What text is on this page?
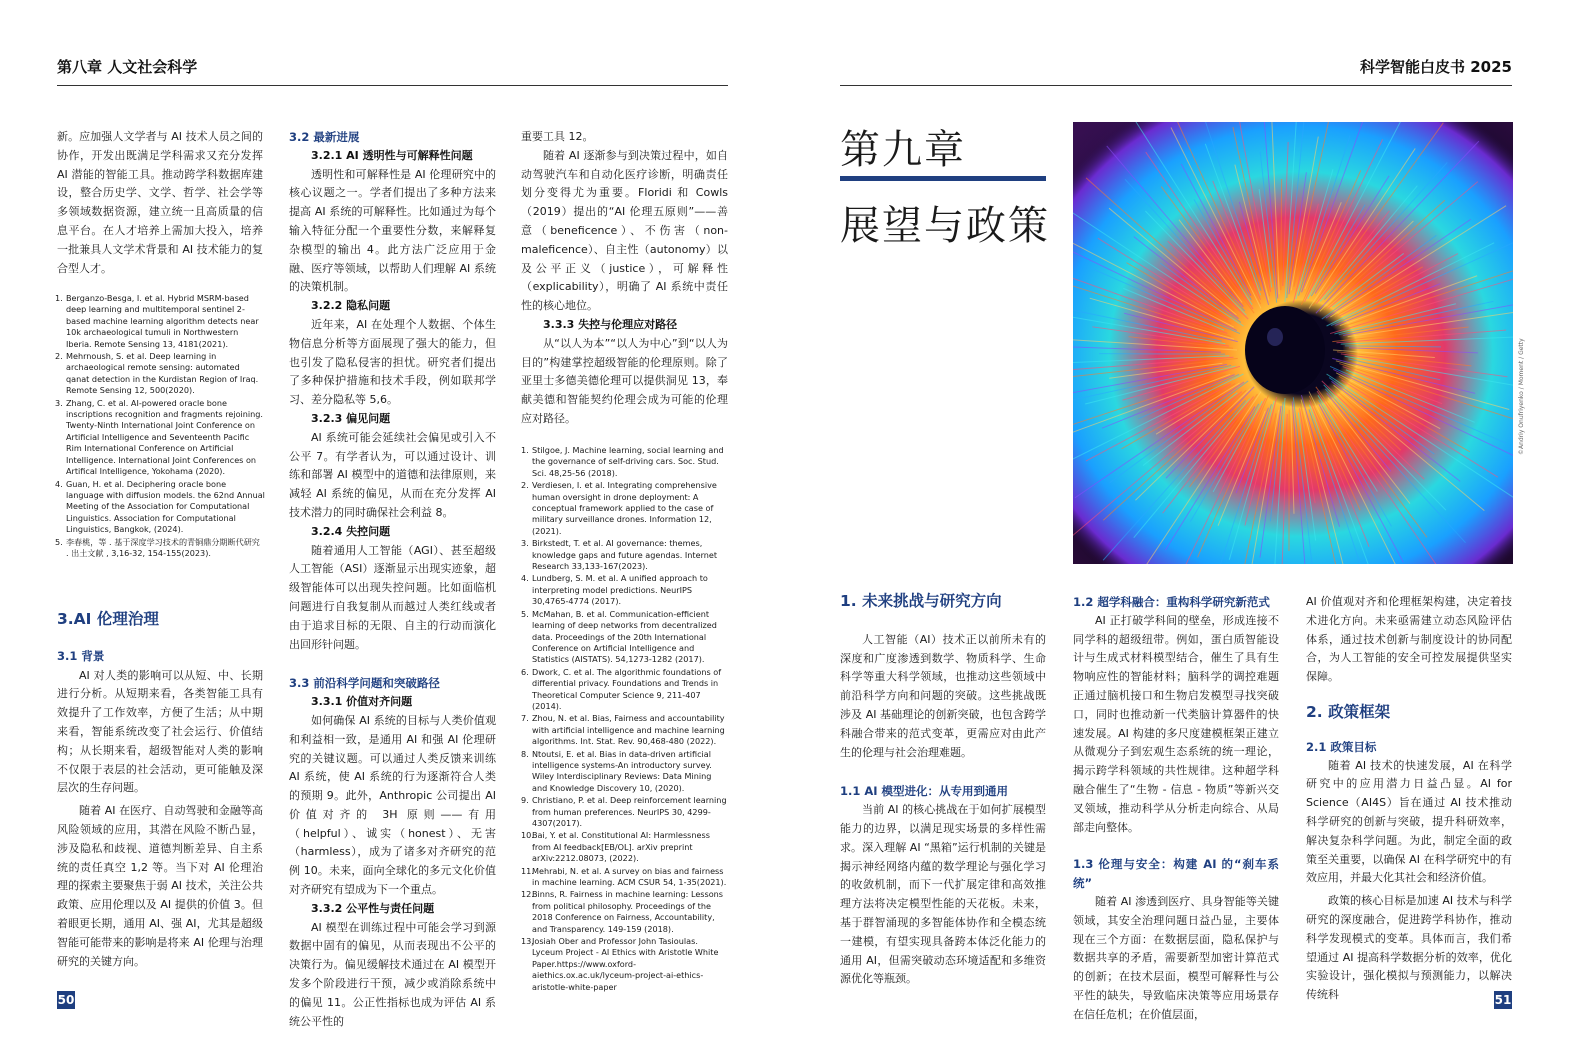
第八章 人文社会科学	科学智能白皮书 2025

新。应加强人文学者与 AI 技术人员之间的协作，开发出既满足学科需求又充分发挥 AI 潜能的智能工具。推动跨学科数据库建设，整合历史学、文学、哲学、社会学等多领域数据资源，建立统一且高质量的信息平台。在人才培养上需加大投入，培养一批兼具人文学术背景和 AI 技术能力的复合型人才。

1. Berganzo-Besga, I. et al. Hybrid MSRM-based deep learning and multitemporal sentinel 2-based machine learning algorithm detects near 10k archaeological tumuli in Northwestern Iberia. Remote Sensing 13, 4181(2021).
2. Mehrnoush, S. et al. Deep learning in archaeological remote sensing: automated qanat detection in the Kurdistan Region of Iraq. Remote Sensing 12, 500(2020).
3. Zhang, C. et al. AI-powered oracle bone inscriptions recognition and fragments rejoining. Twenty-Ninth International Joint Conference on Artificial Intelligence and Seventeenth Pacific Rim International Conference on Artificial Intelligence. International Joint Conferences on Artifical Intelligence, Yokohama (2020).
4. Guan, H. et al. Deciphering oracle bone language with diffusion models. the 62nd Annual Meeting of the Association for Computational Linguistics. Association for Computational Linguistics, Bangkok, (2024).
5. 李春桃，等 . 基于深度学习技术的青铜鼎分期断代研究 . 出土文献 , 3,16-32, 154-155(2023).
3.AI 伦理治理
3.1 背景

AI 对人类的影响可以从短、中、长期进行分析。从短期来看，各类智能工具有效提升了工作效率，方便了生活；从中期来看，智能系统改变了社会运行、价值结构；从长期来看，超级智能对人类的影响不仅限于表层的社会活动，更可能触及深层次的生存问题。

随着 AI 在医疗、自动驾驶和金融等高风险领域的应用，其潜在风险不断凸显，涉及隐私和歧视、道德判断差异、自主系统的责任真空 1,2 等。当下对 AI 伦理治理的探索主要聚焦于弱 AI 技术，关注公共政策、应用伦理以及 AI 提供的价值 3。但着眼更长期，通用 AI、强 AI，尤其是超级智能可能带来的影响是将来 AI 伦理与治理研究的关键方向。

3.2 最新进展
3.2.1 AI 透明性与可解释性问题

透明性和可解释性是 AI 伦理研究中的核心议题之一。学者们提出了多种方法来提高 AI 系统的可解释性。比如通过为每个输入特征分配一个重要性分数，来解释复杂模型的输出 4。此方法广泛应用于金融、医疗等领域，以帮助人们理解 AI 系统的决策机制。

3.2.2 隐私问题

近年来，AI 在处理个人数据、个体生物信息分析等方面展现了强大的能力，但也引发了隐私侵害的担忧。研究者们提出了多种保护措施和技术手段，例如联邦学习、差分隐私等 5,6。

3.2.3 偏见问题

AI 系统可能会延续社会偏见或引入不公平 7。有学者认为，可以通过设计、训练和部署 AI 模型中的道德和法律原则，来减轻 AI 系统的偏见，从而在充分发挥 AI 技术潜力的同时确保社会利益 8。

3.2.4 失控问题

随着通用人工智能（AGI）、甚至超级人工智能（ASI）逐渐显示出现实迹象，超级智能体可以出现失控问题。比如面临机问题进行自我复制从而越过人类红线或者由于追求目标的无限、自主的行动而演化出回形针问题。

3.3 前沿科学问题和突破路径
3.3.1 价值对齐问题

如何确保 AI 系统的目标与人类价值观和利益相一致，是通用 AI 和强 AI 伦理研究的关键议题。可以通过人类反馈来训练 AI 系统，使 AI 系统的行为逐渐符合人类的预期 9。此外，Anthropic 公司提出 AI 价值对齐的 3H 原则——有用（helpful）、诚实（honest）、无害（harmless），成为了诸多对齐研究的范例 10。未来，面向全球化的多元文化价值对齐研究有望成为下一个重点。

3.3.2 公平性与责任问题

AI 模型在训练过程中可能会学习到源数据中固有的偏见，从而表现出不公平的决策行为。偏见缓解技术通过在 AI 模型开发多个阶段进行干预，减少或消除系统中的偏见 11。公正性指标也成为评估 AI 系统公平性的

重要工具 12。

随着 AI 逐渐参与到决策过程中，如自动驾驶汽车和自动化医疗诊断，明确责任划分变得尤为重要。Floridi 和 Cowls（2019）提出的“AI 伦理五原则”——善意（beneficence）、不伤害（non-maleficence）、自主性（autonomy）以及公平正义（justice），可解释性（explicability），明确了 AI 系统中责任性的核心地位。

3.3.3 失控与伦理应对路径

从“以人为本”“以人为中心”到“以人为目的”构建掌控超级智能的伦理原则。除了亚里士多德美德伦理可以提供洞见 13，奉献美德和智能契约伦理会成为可能的伦理应对路径。

1. Stilgoe, J. Machine learning, social learning and the governance of self-driving cars. Soc. Stud. Sci. 48,25-56 (2018).
2. Verdiesen, I. et al. Integrating comprehensive human oversight in drone deployment: A conceptual framework applied to the case of military surveillance drones. Information 12, (2021).
3. Birkstedt, T. et al. AI governance: themes, knowledge gaps and future agendas. Internet Research 33,133-167(2023).
4. Lundberg, S. M. et al. A unified approach to interpreting model predictions. NeurIPS 30,4765-4774 (2017).
5. McMahan, B. et al. Communication-efficient learning of deep networks from decentralized data. Proceedings of the 20th International Conference on Artificial Intelligence and Statistics (AISTATS). 54,1273-1282 (2017).
6. Dwork, C. et al. The algorithmic foundations of differential privacy. Foundations and Trends in Theoretical Computer Science 9, 211-407 (2014).
7. Zhou, N. et al. Bias, Fairness and accountability with artificial intelligence and machine learning algorithms. Int. Stat. Rev. 90,468-480 (2022).
8. Ntoutsi, E. et al. Bias in data-driven artificial intelligence systems-An introductory survey. Wiley Interdisciplinary Reviews: Data Mining and Knowledge Discovery 10, (2020).
9. Christiano, P. et al. Deep reinforcement learning from human preferences. NeurIPS 30, 4299-4307(2017).
10.
Bai, Y. et al. Constitutional AI: Harmlessness from AI feedback[EB/OL]. arXiv preprint arXiv:2212.08073, (2022).
11.
Mehrabi, N. et al. A survey on bias and fairness in machine learning. ACM CSUR 54, 1-35(2021).
12.
Binns, R. Fairness in machine learning: Lessons from political philosophy. Proceedings of the 2018 Conference on Fairness, Accountability, and Transparency. 149-159 (2018).
13.
Josiah Ober and Professor John Tasioulas. Lyceum Project - AI Ethics with Aristotle White Paper.https://www.oxford-aiethics.ox.ac.uk/lyceum-project-ai-ethics-aristotle-white-paper
50
第九章
展望与政策
©Andriy Onufriyenko / Moment / Getty
1. 未来挑战与研究方向

人工智能（AI）技术正以前所未有的深度和广度渗透到数学、物质科学、生命科学等重大科学领域，也推动这些领域中前沿科学方向和问题的突破。这些挑战既涉及 AI 基础理论的创新突破，也包含跨学科融合带来的范式变革，更需应对由此产生的伦理与社会治理难题。

1.1 AI 模型进化：从专用到通用

当前 AI 的核心挑战在于如何扩展模型能力的边界，以满足现实场景的多样性需求。深入理解 AI “黑箱”运行机制的关键是揭示神经网络内蕴的数学理论与强化学习的收敛机制，而下一代扩展定律和高效推理方法将决定模型性能的天花板。未来，基于群智涌现的多智能体协作和全模态统一建模，有望实现具备跨本体泛化能力的通用 AI，但需突破动态环境适配和多维资源优化等瓶颈。

1.2 超学科融合：重构科学研究新范式

AI 正打破学科间的壁垒，形成连接不同学科的超级纽带。例如，蛋白质智能设计与生成式材料模型结合，催生了具有生物响应性的智能材料；脑科学的调控难题正通过脑机接口和生物启发模型寻找突破口，同时也推动新一代类脑计算器件的快速发展。AI 构建的多尺度建模框架正建立从微观分子到宏观生态系统的统一理论，揭示跨学科领域的共性规律。这种超学科融合催生了“生物 - 信息 - 物质”等新兴交叉领域，推动科学从分析走向综合、从局部走向整体。

1.3 伦理与安全：构建 AI 的“刹车系统”

随着 AI 渗透到医疗、具身智能等关键领域，其安全治理问题日益凸显，主要体现在三个方面：在数据层面，隐私保护与数据共享的矛盾，需要新型加密计算范式的创新；在技术层面，模型可解释性与公平性的缺失，导致临床决策等应用场景存在信任危机；在价值层面，

AI 价值观对齐和伦理框架构建，决定着技术进化方向。未来亟需建立动态风险评估体系，通过技术创新与制度设计的协同配合，为人工智能的安全可控发展提供坚实保障。

2. 政策框架
2.1 政策目标

随着 AI 技术的快速发展，AI 在科学研究中的应用潜力日益凸显。AI for Science（AI4S）旨在通过 AI 技术推动科学研究的创新与突破，提升科研效率，解决复杂科学问题。为此，制定全面的政策至关重要，以确保 AI 在科学研究中的有效应用，并最大化其社会和经济价值。

政策的核心目标是加速 AI 技术与科学研究的深度融合，促进跨学科协作，推动科学发现模式的变革。具体而言，我们希望通过 AI 提高科学数据分析的效率，优化实验设计，强化模拟与预测能力，以解决传统科	51
